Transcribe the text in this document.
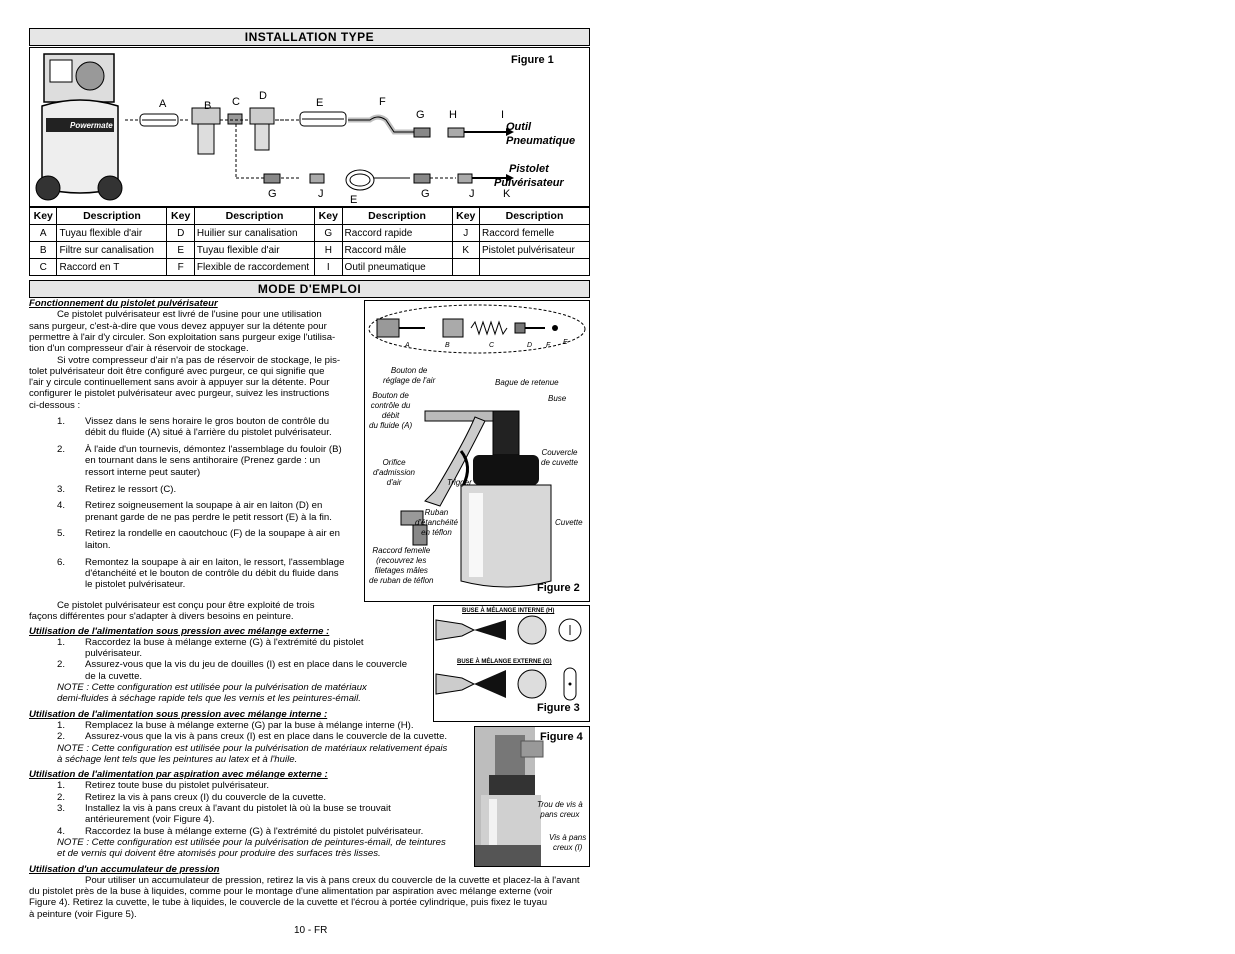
INSTALLATION TYPE
Figure 1
Powermate
A	B C D
E	F
G H	I
Outil
Pneumatique
Pistolet
Pulvérisateur
G	J E	G	J	K
Key	Description	Key	Description	Key	Description	Key	Description
A	Tuyau flexible d'air	D	Huilier sur canalisation	G	Raccord rapide	J	Raccord femelle
B	Filtre sur canalisation	E	Tuyau flexible d'air	H	Raccord mâle	K	Pistolet pulvérisateur
C	Raccord en T	F	Flexible de raccordement	I	Outil pneumatique		
MODE D'EMPLOI
Fonctionnement du pistolet pulvérisateur
Ce pistolet pulvérisateur est livré de l'usine pour une utilisation
sans purgeur, c'est-à-dire que vous devez appuyer sur la détente pour
permettre à l'air d'y circuler. Son exploitation sans purgeur exige l'utilisa-
tion d'un compresseur d'air à réservoir de stockage.
Si votre compresseur d'air n'a pas de réservoir de stockage, le pis-
tolet pulvérisateur doit être configuré avec purgeur, ce qui signifie que
l'air y circule continuellement sans avoir à appuyer sur la détente. Pour
configurer le pistolet pulvérisateur avec purgeur, suivez les instructions
ci-dessous :
1. Vissez dans le sens horaire le gros bouton de contrôle du
débit du fluide (A) situé à l'arrière du pistolet pulvérisateur.
2. À l'aide d'un tournevis, démontez l'assemblage du fouloir (B)
en tournant dans le sens antihoraire (Prenez garde : un
ressort interne peut sauter)
3. Retirez le ressort (C).
4. Retirez soigneusement la soupape à air en laiton (D) en
prenant garde de ne pas perdre le petit ressort (E) à la fin.
5. Retirez la rondelle en caoutchouc (F) de la soupape à air en
laiton.
6. Remontez la soupape à air en laiton, le ressort, l'assemblage
d'étanchéité et le bouton de contrôle du débit du fluide dans
le pistolet pulvérisateur.
Ce pistolet pulvérisateur est conçu pour être exploité de trois
façons différentes pour s'adapter à divers besoins en peinture.
Utilisation de l'alimentation sous pression avec mélange externe :
1. Raccordez la buse à mélange externe (G) à l'extrémité du pistolet
pulvérisateur.
2. Assurez-vous que la vis du jeu de douilles (I) est en place dans le couvercle
de la cuvette.
NOTE : Cette configuration est utilisée pour la pulvérisation de matériaux
demi-fluides à séchage rapide tels que les vernis et les peintures-émail.
Utilisation de l'alimentation sous pression avec mélange interne :
1. Remplacez la buse à mélange externe (G) par la buse à mélange interne (H).
2. Assurez-vous que la vis à pans creux (I) est en place dans le couvercle de la cuvette.
NOTE : Cette configuration est utilisée pour la pulvérisation de matériaux relativement épais
à séchage lent tels que les peintures au latex et à l'huile.
Utilisation de l'alimentation par aspiration avec mélange externe :
1. Retirez toute buse du pistolet pulvérisateur.
2. Retirez la vis à pans creux (I) du couvercle de la cuvette.
3. Installez la vis à pans creux à l'avant du pistolet là où la buse se trouvait
antérieurement (voir Figure 4).
4. Raccordez la buse à mélange externe (G) à l'extrémité du pistolet pulvérisateur.
NOTE : Cette configuration est utilisée pour la pulvérisation de peintures-émail, de teintures
et de vernis qui doivent être atomisés pour produire des surfaces très lisses.
Utilisation d'un accumulateur de pression
Pour utiliser un accumulateur de pression, retirez la vis à pans creux du couvercle de la cuvette et placez-la à l'avant
du pistolet près de la buse à liquides, comme pour le montage d'une alimentation par aspiration avec mélange externe (voir
Figure 4). Retirez la cuvette, le tube à liquides, le couvercle de la cuvette et l'écrou à portée cylindrique, puis fixez le tuyau
à peinture (voir Figure 5).
A	B	C	D F E
Bouton de
réglage de l'air	Bague de retenue
Buse
Bouton de
contrôle du
débit
du fluide (A)
Orifice
d'admission
d'air	Trigger
Couvercle
de cuvette
Ruban
d'étanchéité
en téflon
Cuvette
Raccord femelle
(recouvrez les
filetages mâles
de ruban de téflon
Figure 2
BUSE À MÉLANGE INTERNE (H)
BUSE À MÉLANGE EXTERNE (G)
Figure 3
Figure 4
Trou de vis à
pans creux
Vis à pans
creux (I)
10 - FR
